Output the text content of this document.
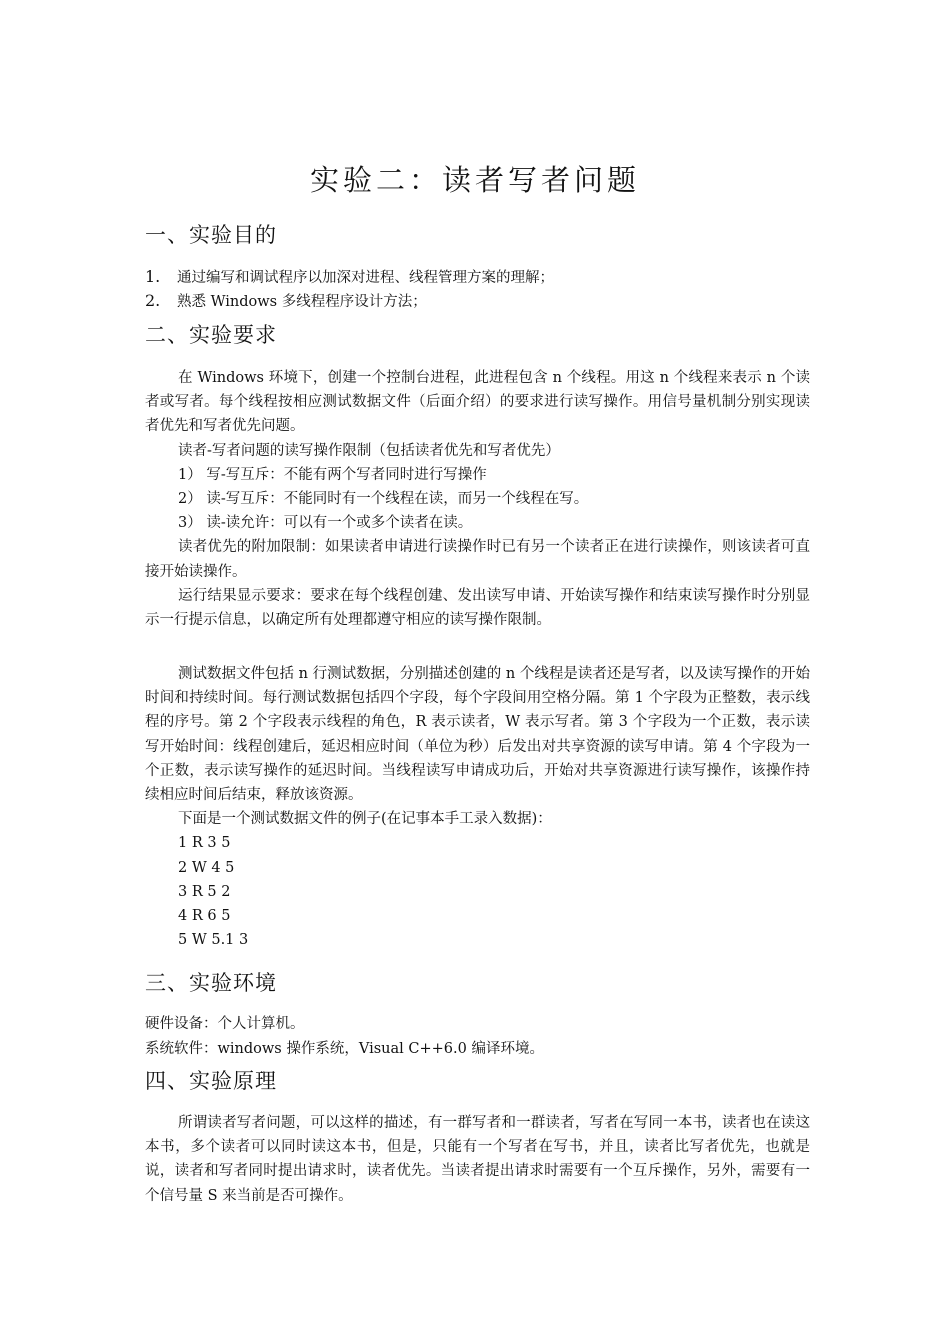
实验二：读者写者问题
一、实验目的
1. 通过编写和调试程序以加深对进程、线程管理方案的理解；
2. 熟悉 Windows 多线程程序设计方法；
二、实验要求

在 Windows 环境下，创建一个控制台进程，此进程包含 n 个线程。用这 n 个线程来表示 n 个读者或写者。每个线程按相应测试数据文件（后面介绍）的要求进行读写操作。用信号量机制分别实现读者优先和写者优先问题。

读者-写者问题的读写操作限制（包括读者优先和写者优先）

1） 写-写互斥：不能有两个写者同时进行写操作

2） 读-写互斥：不能同时有一个线程在读，而另一个线程在写。

3） 读-读允许：可以有一个或多个读者在读。

读者优先的附加限制：如果读者申请进行读操作时已有另一个读者正在进行读操作，则该读者可直接开始读操作。

运行结果显示要求：要求在每个线程创建、发出读写申请、开始读写操作和结束读写操作时分别显示一行提示信息，以确定所有处理都遵守相应的读写操作限制。

测试数据文件包括 n 行测试数据，分别描述创建的 n 个线程是读者还是写者，以及读写操作的开始时间和持续时间。每行测试数据包括四个字段，每个字段间用空格分隔。第 1 个字段为正整数，表示线程的序号。第 2 个字段表示线程的角色，R 表示读者，W 表示写者。第 3 个字段为一个正数，表示读写开始时间：线程创建后，延迟相应时间（单位为秒）后发出对共享资源的读写申请。第 4 个字段为一个正数，表示读写操作的延迟时间。当线程读写申请成功后，开始对共享资源进行读写操作，该操作持续相应时间后结束，释放该资源。

下面是一个测试数据文件的例子(在记事本手工录入数据)：

1 R 3 5

2 W 4 5

3 R 5 2

4 R 6 5

5 W 5.1 3

三、实验环境
硬件设备：个人计算机。
系统软件：windows 操作系统，Visual C++6.0 编译环境。
四、实验原理

所谓读者写者问题，可以这样的描述，有一群写者和一群读者，写者在写同一本书，读者也在读这本书，多个读者可以同时读这本书，但是，只能有一个写者在写书，并且，读者比写者优先，也就是说，读者和写者同时提出请求时，读者优先。当读者提出请求时需要有一个互斥操作，另外，需要有一个信号量 S 来当前是否可操作。
